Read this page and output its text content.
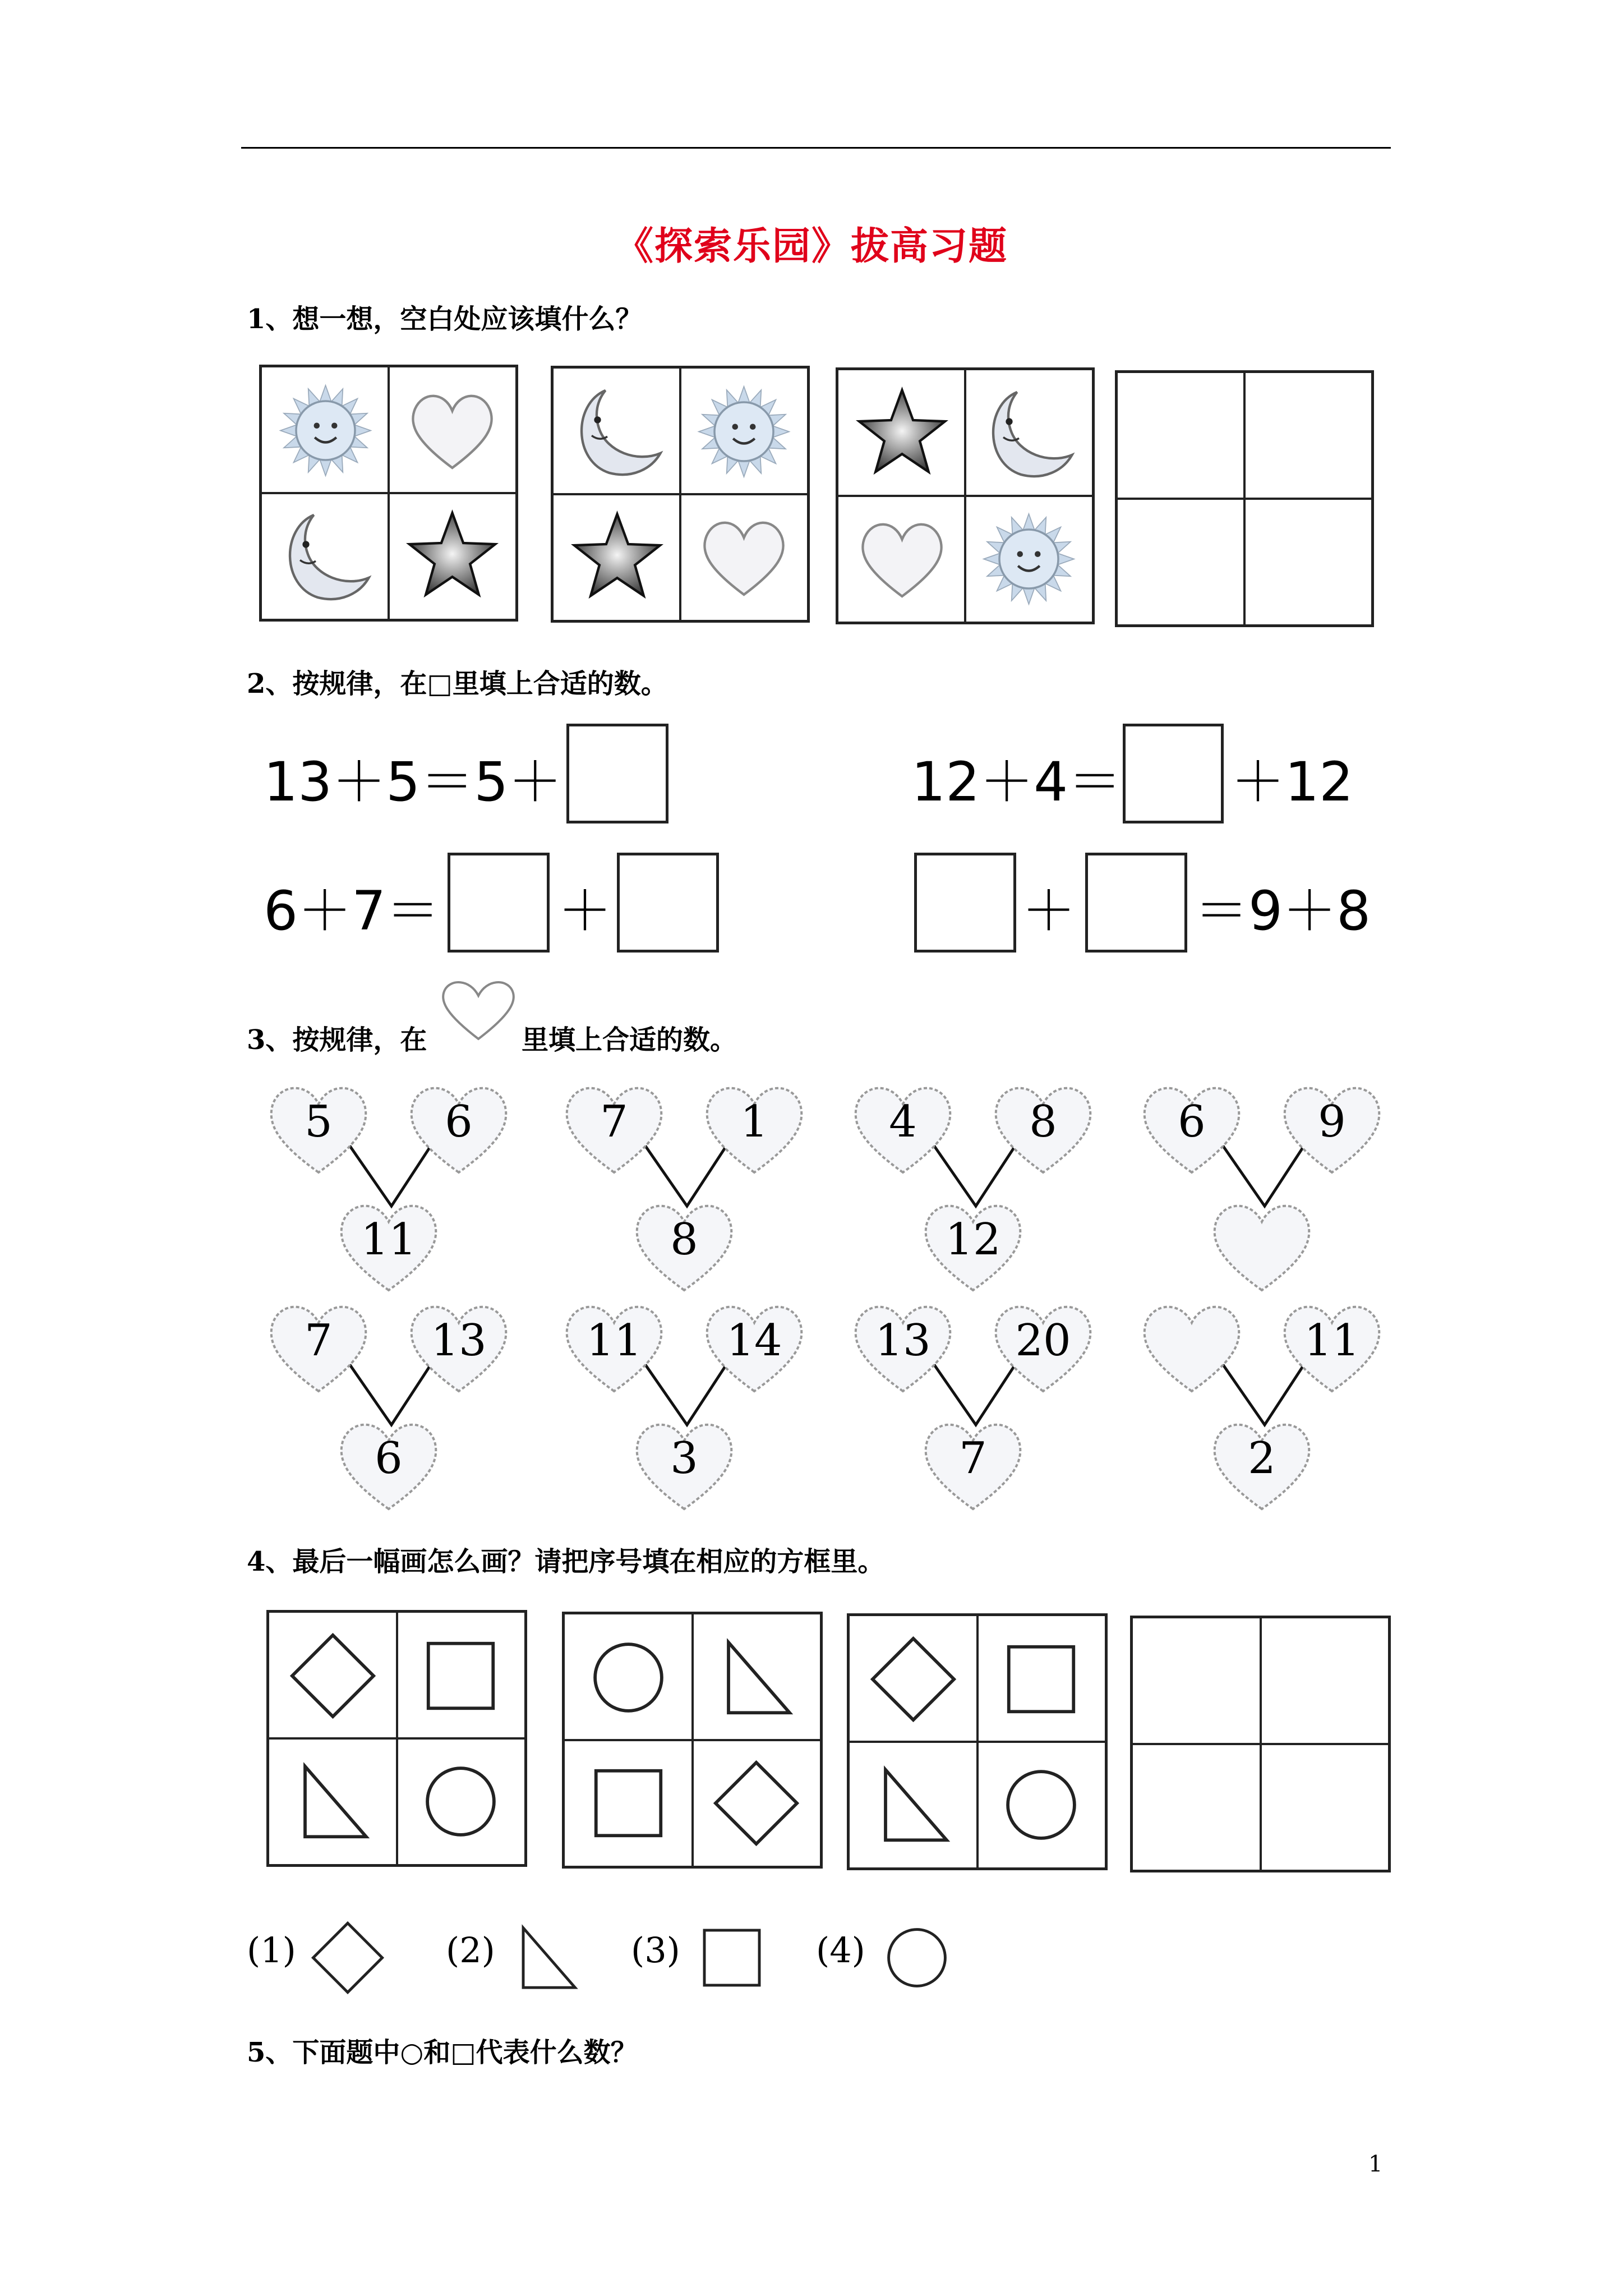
《探索乐园》拔高习题
1、想一想，空白处应该填什么？
2、按规律，在□里填上合适的数。
13＋5＝5＋	12＋4＝ ＋12
6＋7＝ ＋	＋ ＝9＋8
3、按规律，在	里填上合适的数。
5	6
11
7	1
8
4	8
12
6	9
7	13
6
11	14
3
13	20
7
11
2
4、最后一幅画怎么画？请把序号填在相应的方框里。
(1)	(2)	(3)	(4)
5、下面题中○和□代表什么数？
1
